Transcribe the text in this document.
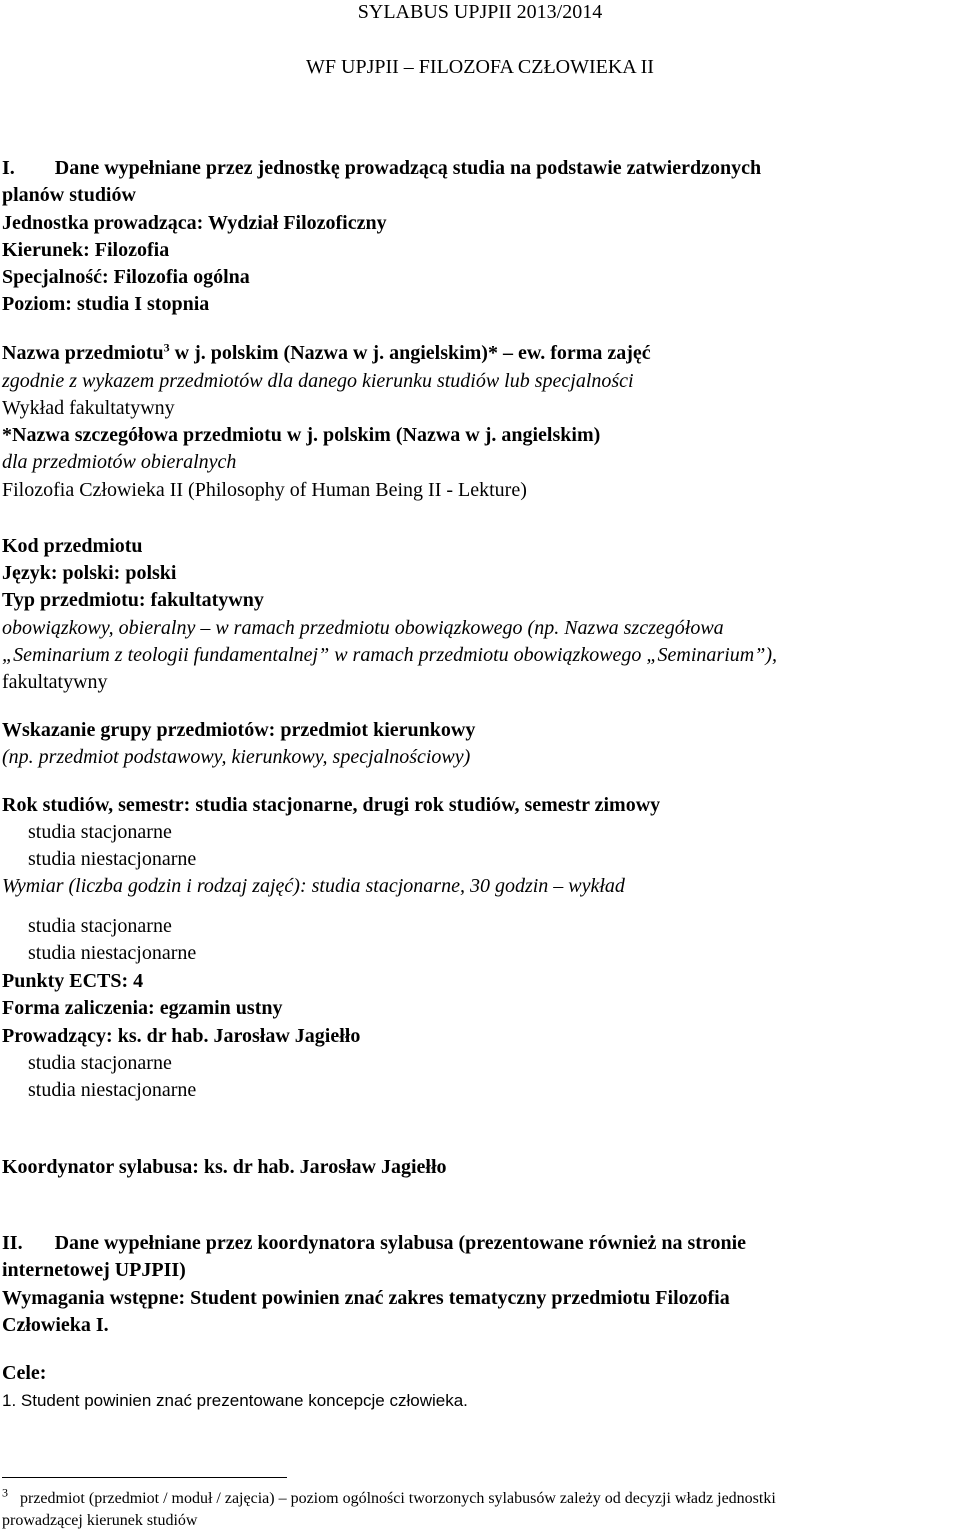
SYLABUS UPJPII 2013/2014
WF UPJPII – FILOZOFA CZŁOWIEKA II
I. Dane wypełniane przez jednostkę prowadzącą studia na podstawie zatwierdzonych
planów studiów
Jednostka prowadząca: Wydział Filozoficzny
Kierunek: Filozofia
Specjalność: Filozofia ogólna
Poziom: studia I stopnia
Nazwa przedmiotu$^3$ w j. polskim (Nazwa w j. angielskim)* – ew. forma zajęć
zgodnie z wykazem przedmiotów dla danego kierunku studiów lub specjalności
Wykład fakultatywny
*Nazwa szczegółowa przedmiotu w j. polskim (Nazwa w j. angielskim)
dla przedmiotów obieralnych
Filozofia Człowieka II (Philosophy of Human Being II - Lekture)
Kod przedmiotu
Język: polski: polski
Typ przedmiotu: fakultatywny
obowiązkowy, obieralny – w ramach przedmiotu obowiązkowego (np. Nazwa szczegółowa
„Seminarium z teologii fundamentalnej” w ramach przedmiotu obowiązkowego „Seminarium”),
fakultatywny
Wskazanie grupy przedmiotów: przedmiot kierunkowy
(np. przedmiot podstawowy, kierunkowy, specjalnościowy)
Rok studiów, semestr: studia stacjonarne, drugi rok studiów, semestr zimowy
studia stacjonarne
studia niestacjonarne
Wymiar (liczba godzin i rodzaj zajęć): studia stacjonarne, 30 godzin – wykład
studia stacjonarne
studia niestacjonarne
Punkty ECTS: 4
Forma zaliczenia: egzamin ustny
Prowadzący: ks. dr hab. Jarosław Jagiełło
studia stacjonarne
studia niestacjonarne
Koordynator sylabusa: ks. dr hab. Jarosław Jagiełło
II. Dane wypełniane przez koordynatora sylabusa (prezentowane również na stronie
internetowej UPJPII)
Wymagania wstępne: Student powinien znać zakres tematyczny przedmiotu Filozofia
Człowieka I.
Cele:
1. Student powinien znać prezentowane koncepcje człowieka.
$^3$ przedmiot (przedmiot / moduł / zajęcia) – poziom ogólności tworzonych sylabusów zależy od decyzji władz jednostki
prowadzącej kierunek studiów
